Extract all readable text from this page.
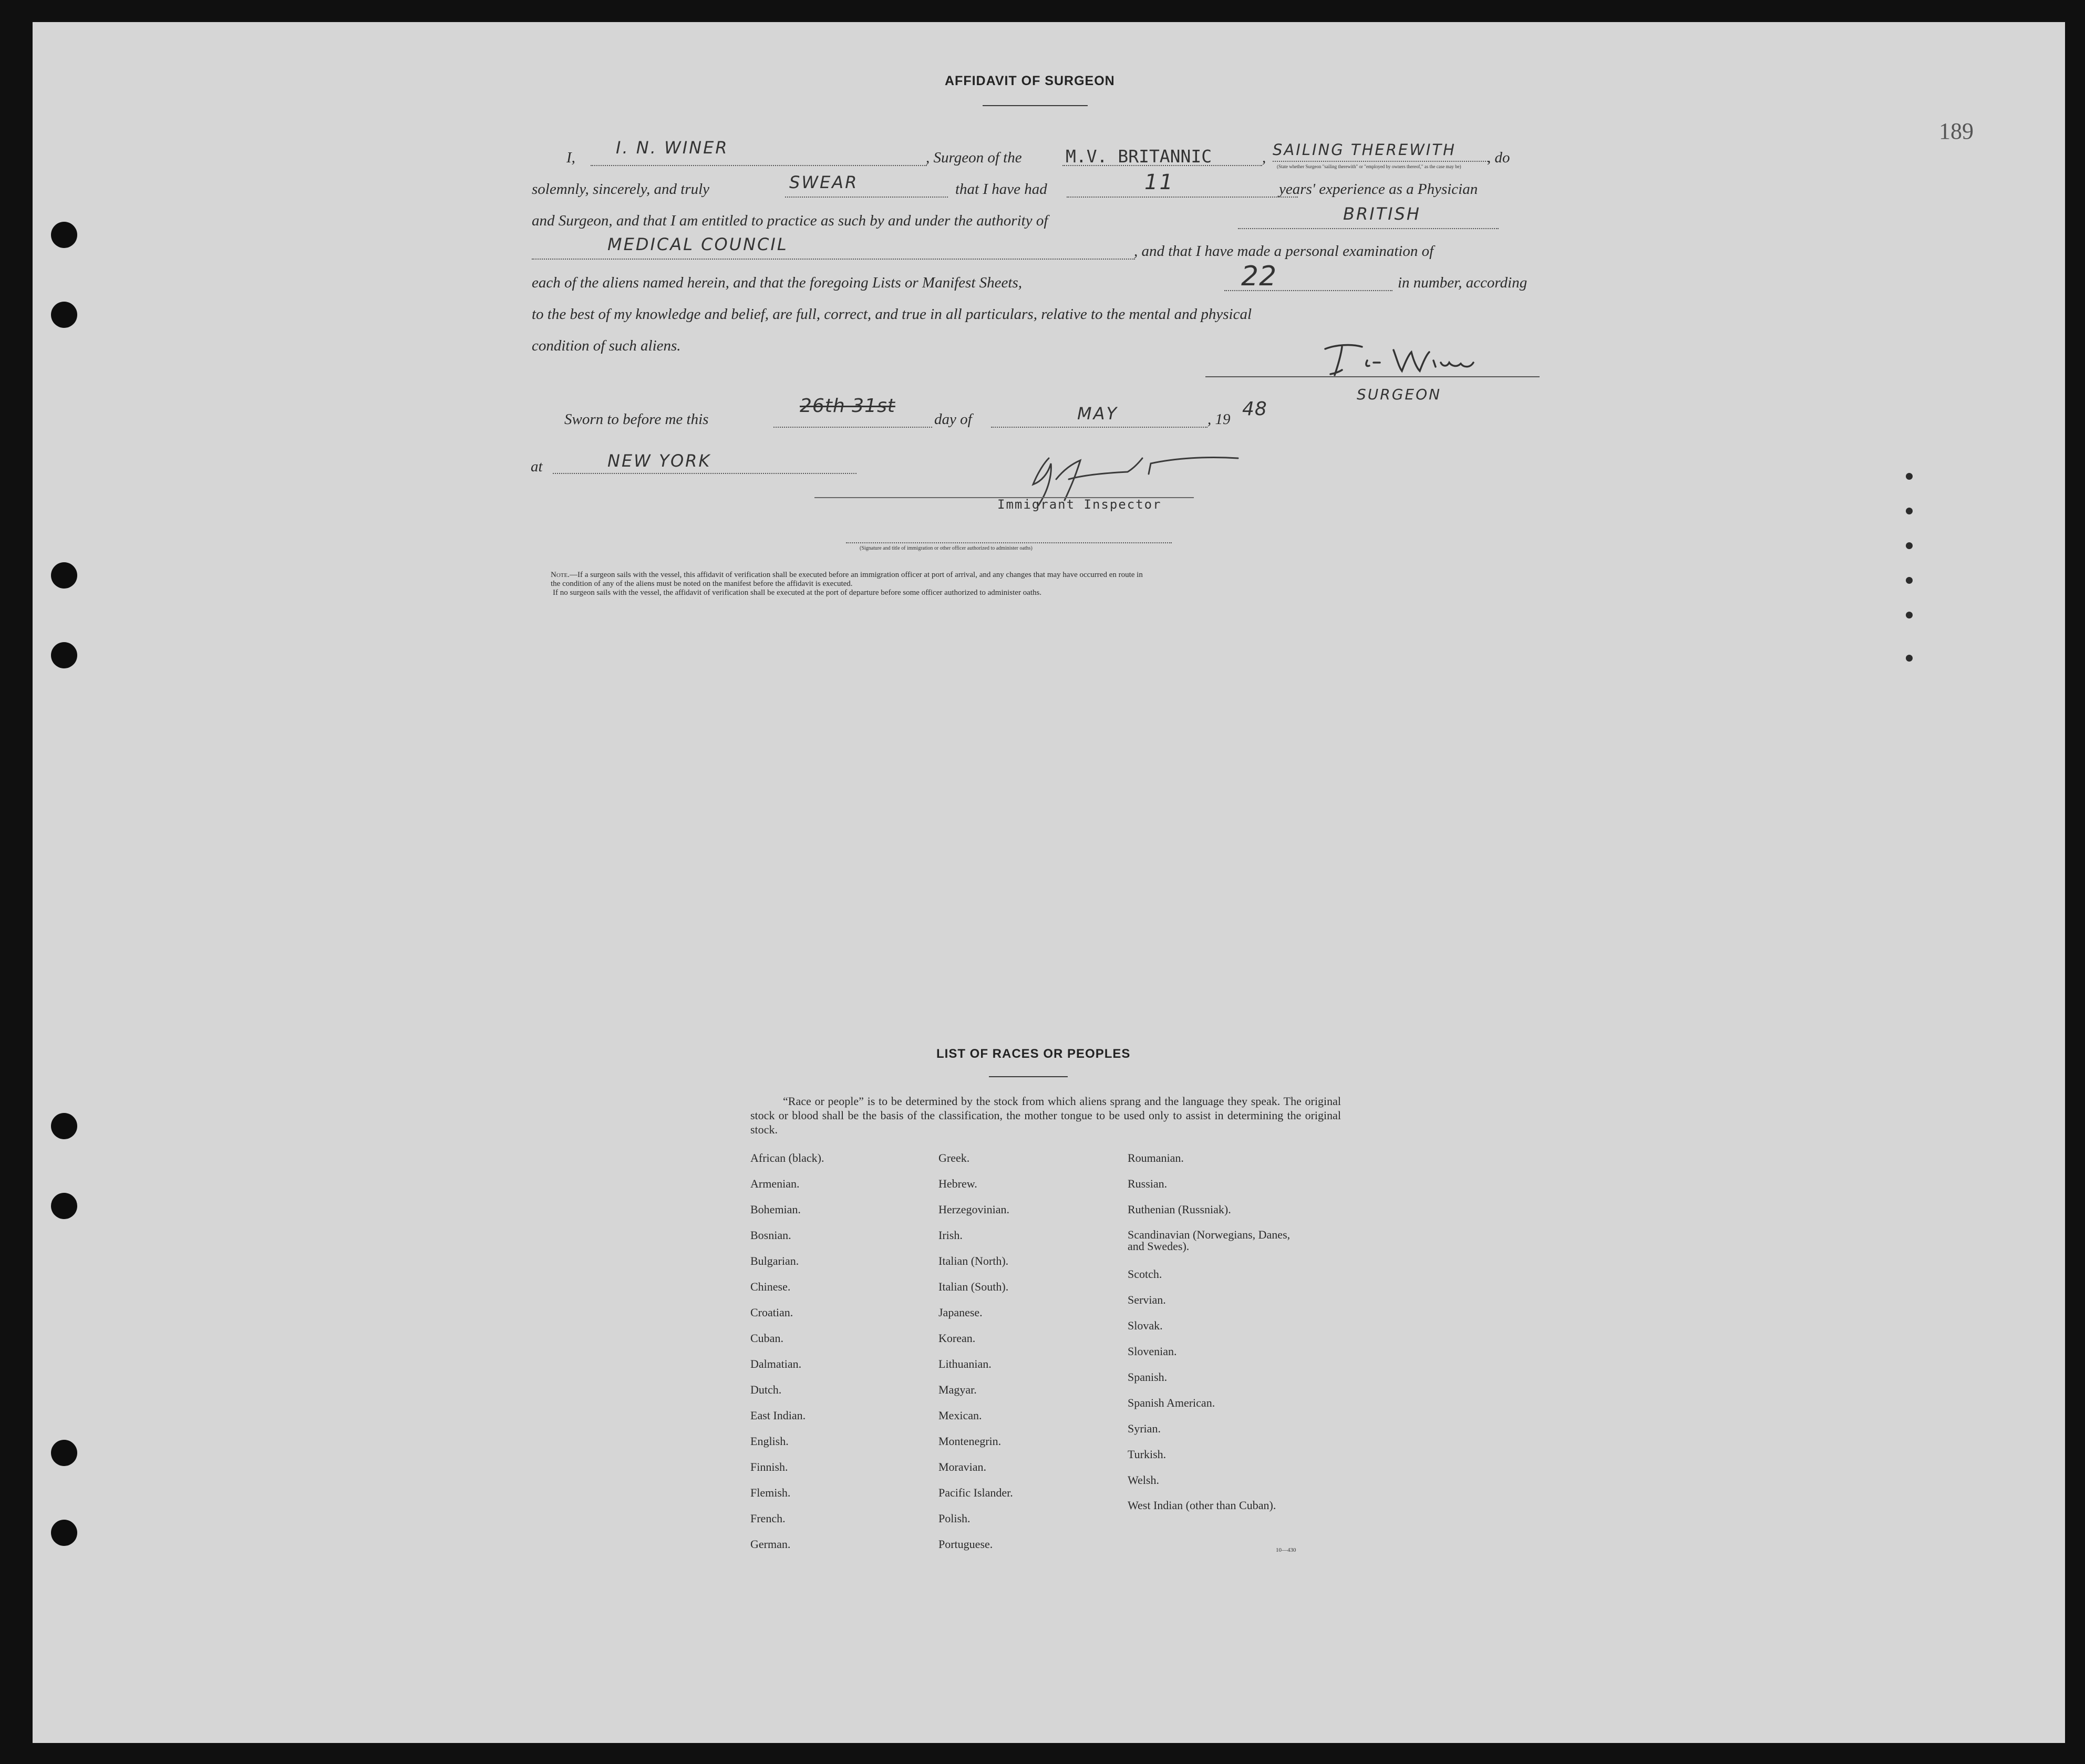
189
AFFIDAVIT OF SURGEON
I, I. N. WINER	, Surgeon of the	M.V. BRITANNIC	, SAILING THEREWITH , do
(State whether Surgeon "sailing therewith" or "employed by owners thereof," as the case may be)
solemnly, sincerely, and truly	SWEAR	that I have had	11	years' experience as a Physician
and Surgeon, and that I am entitled to practice as such by and under the authority of	BRITISH
MEDICAL COUNCIL	, and that I have made a personal examination of
each of the aliens named herein, and that the foregoing Lists or Manifest Sheets,	22	in number, according
to the best of my knowledge and belief, are full, correct, and true in all particulars, relative to the mental and physical
condition of such aliens.
SURGEON
Sworn to before me this
26th 31st
day of	MAY	, 19 48
at	NEW YORK
Immigrant Inspector
(Signature and title of immigration or other officer authorized to administer oaths)
Note.—If a surgeon sails with the vessel, this affidavit of verification shall be executed before an immigration officer at port of arrival, and any changes that may have occurred en route in
the condition of any of the aliens must be noted on the manifest before the affidavit is executed.
If no surgeon sails with the vessel, the affidavit of verification shall be executed at the port of departure before some officer authorized to administer oaths.
LIST OF RACES OR PEOPLES
“Race or people” is to be determined by the stock from which aliens sprang and the language they speak. The original stock or blood shall be the basis of the classification, the mother tongue to be used only to assist in determining the original stock.
African (black).
Armenian.
Bohemian.
Bosnian.
Bulgarian.
Chinese.
Croatian.
Cuban.
Dalmatian.
Dutch.
East Indian.
English.
Finnish.
Flemish.
French.
German.
Greek.
Hebrew.
Herzegovinian.
Irish.
Italian (North).
Italian (South).
Japanese.
Korean.
Lithuanian.
Magyar.
Mexican.
Montenegrin.
Moravian.
Pacific Islander.
Polish.
Portuguese.
Roumanian.
Russian.
Ruthenian (Russniak).
Scandinavian (Norwegians, Danes, and Swedes).
Scotch.
Servian.
Slovak.
Slovenian.
Spanish.
Spanish American.
Syrian.
Turkish.
Welsh.
West Indian (other than Cuban).
10—430
